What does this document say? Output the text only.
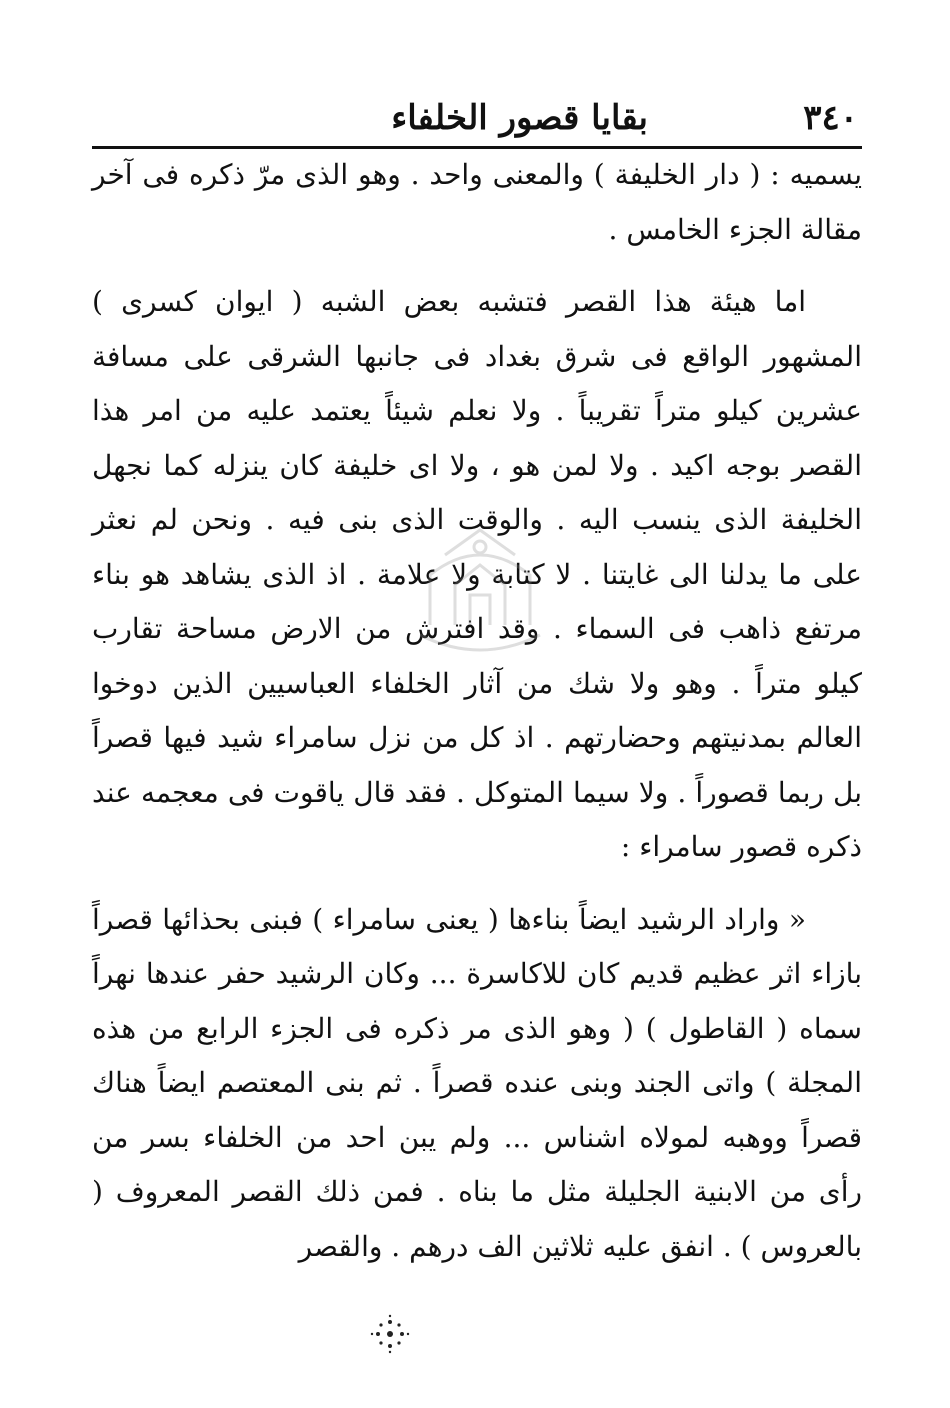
٣٤٠
بقايا قصور الخلفاء

يسميه : ( دار الخليفة ) والمعنى واحد . وهو الذى مرّ ذكره فى آخر مقالة الجزء الخامس .

اما هيئة هذا القصر فتشبه بعض الشبه ( ايوان كسرى ) المشهور الواقع فى شرق بغداد فى جانبها الشرقى على مسافة عشرين كيلو متراً تقريباً . ولا نعلم شيئاً يعتمد عليه من امر هذا القصر بوجه اكيد . ولا لمن هو ، ولا اى خليفة كان ينزله كما نجهل الخليفة الذى ينسب اليه . والوقت الذى بنى فيه . ونحن لم نعثر على ما يدلنا الى غايتنا . لا كتابة ولا علامة . اذ الذى يشاهد هو بناء مرتفع ذاهب فى السماء . وقد افترش من الارض مساحة تقارب كيلو متراً . وهو ولا شك من آثار الخلفاء العباسيين الذين دوخوا العالم بمدنيتهم وحضارتهم . اذ كل من نزل سامراء شيد فيها قصراً بل ربما قصوراً . ولا سيما المتوكل . فقد قال ياقوت فى معجمه عند ذكره قصور سامراء :

« واراد الرشيد ايضاً بناءها ( يعنى سامراء ) فبنى بحذائها قصراً بازاء اثر عظيم قديم كان للاكاسرة ... وكان الرشيد حفر عندها نهراً سماه ( القاطول ) ( وهو الذى مر ذكره فى الجزء الرابع من هذه المجلة ) واتى الجند وبنى عنده قصراً . ثم بنى المعتصم ايضاً هناك قصراً ووهبه لمولاه اشناس ... ولم يبن احد من الخلفاء بسر من رأى من الابنية الجليلة مثل ما بناه . فمن ذلك القصر المعروف ( بالعروس ) . انفق عليه ثلاثين الف درهم . والقصر
